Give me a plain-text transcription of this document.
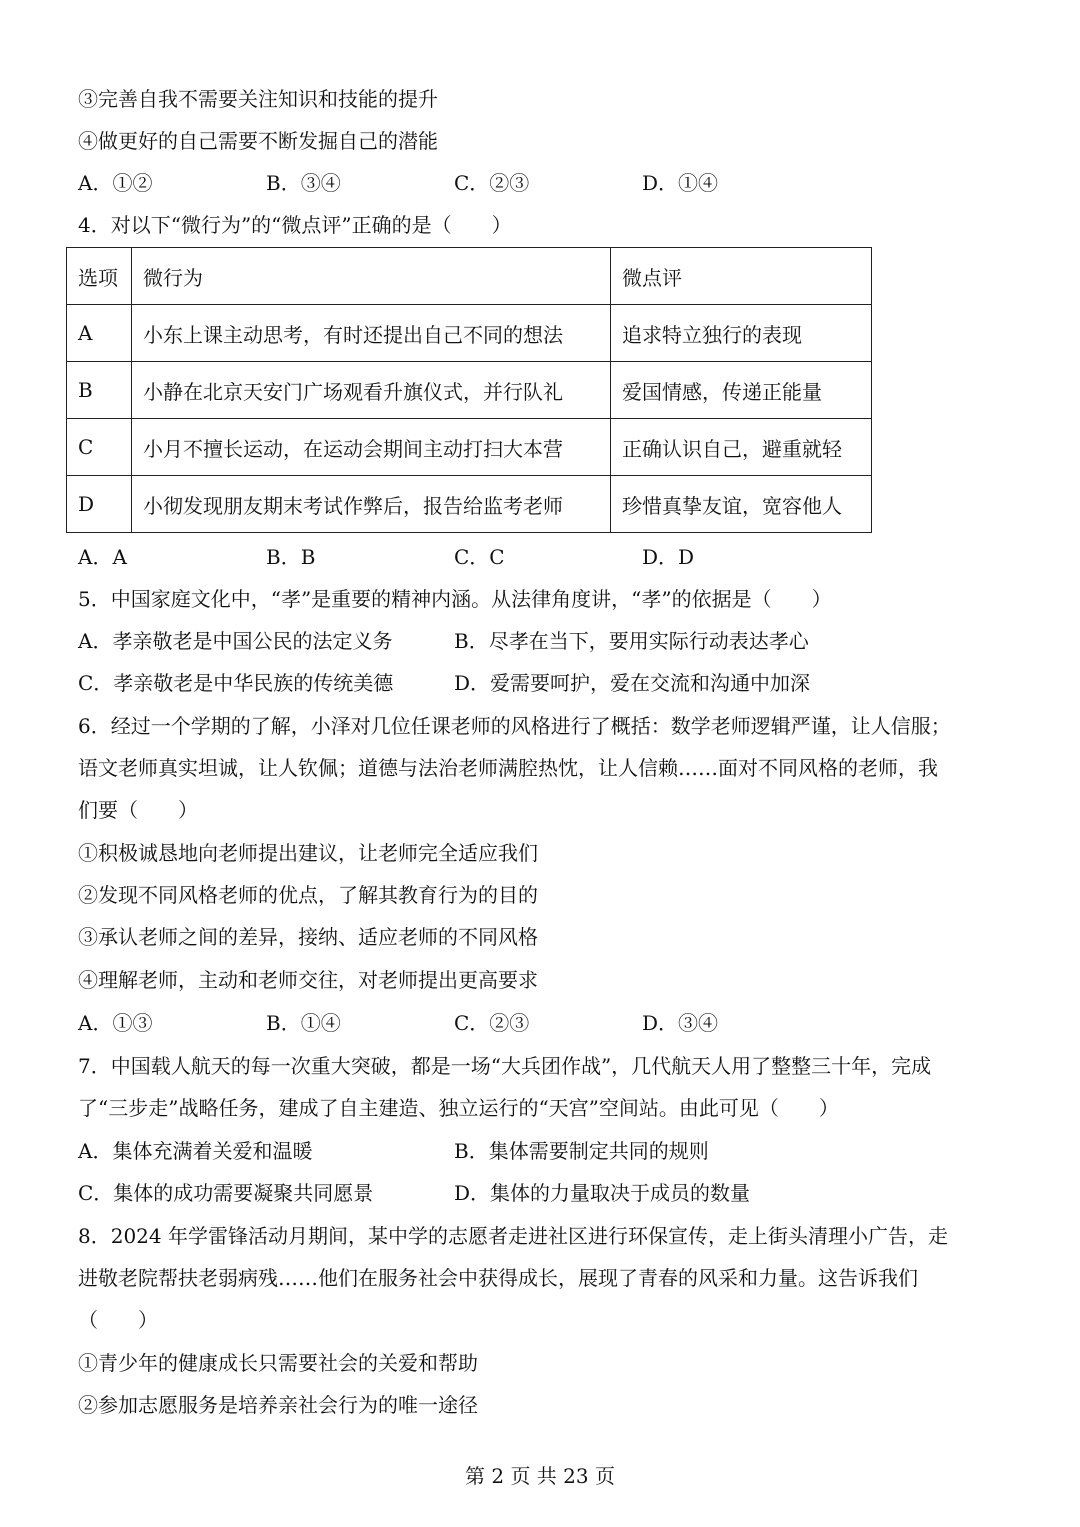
③完善自我不需要关注知识和技能的提升
④做更好的自己需要不断发掘自己的潜能
A．①②	B．③④	C．②③	D．①④
4．对以下“微行为”的“微点评”正确的是（　　）
选项	微行为	微点评
A	小东上课主动思考，有时还提出自己不同的想法	追求特立独行的表现
B	小静在北京天安门广场观看升旗仪式，并行队礼	爱国情感，传递正能量
C	小月不擅长运动，在运动会期间主动打扫大本营	正确认识自己，避重就轻
D	小彻发现朋友期末考试作弊后，报告给监考老师	珍惜真挚友谊，宽容他人
A．A	B．B	C．C	D．D
5．中国家庭文化中，“孝”是重要的精神内涵。从法律角度讲，“孝”的依据是（　　）
A．孝亲敬老是中国公民的法定义务	B．尽孝在当下，要用实际行动表达孝心
C．孝亲敬老是中华民族的传统美德	D．爱需要呵护，爱在交流和沟通中加深
6．经过一个学期的了解，小泽对几位任课老师的风格进行了概括：数学老师逻辑严谨，让人信服；
语文老师真实坦诚，让人钦佩；道德与法治老师满腔热忱，让人信赖……面对不同风格的老师，我
们要（　　）
①积极诚恳地向老师提出建议，让老师完全适应我们
②发现不同风格老师的优点，了解其教育行为的目的
③承认老师之间的差异，接纳、适应老师的不同风格
④理解老师，主动和老师交往，对老师提出更高要求
A．①③	B．①④	C．②③	D．③④
7．中国载人航天的每一次重大突破，都是一场“大兵团作战”，几代航天人用了整整三十年，完成
了“三步走”战略任务，建成了自主建造、独立运行的“天宫”空间站。由此可见（　　）
A．集体充满着关爱和温暖	B．集体需要制定共同的规则
C．集体的成功需要凝聚共同愿景	D．集体的力量取决于成员的数量
8．2024 年学雷锋活动月期间，某中学的志愿者走进社区进行环保宣传，走上街头清理小广告，走
进敬老院帮扶老弱病残……他们在服务社会中获得成长，展现了青春的风采和力量。这告诉我们
（　　）
①青少年的健康成长只需要社会的关爱和帮助
②参加志愿服务是培养亲社会行为的唯一途径
第 2 页 共 23 页
